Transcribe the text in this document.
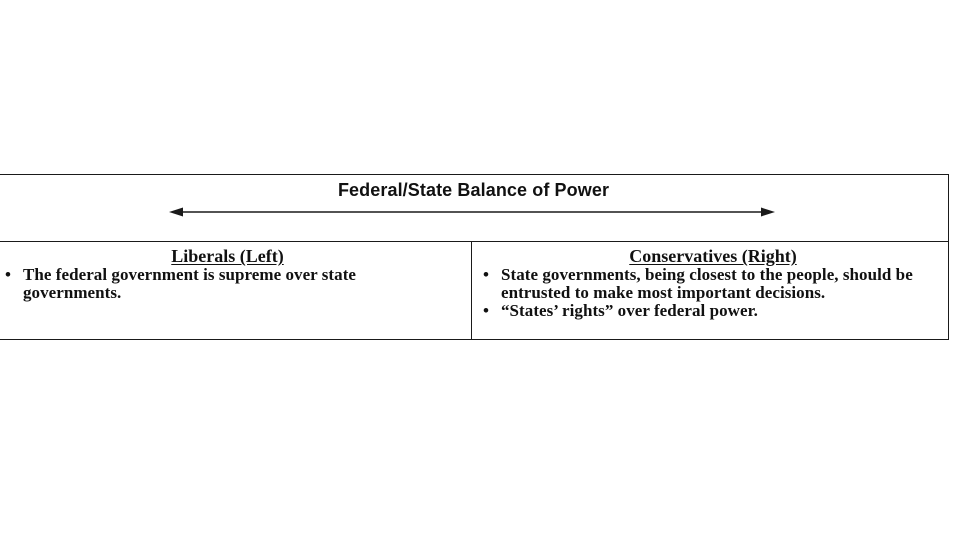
Federal/State Balance of Power
Liberals (Left)
• The federal government is supreme over state governments.
Conservatives (Right)
• State governments, being closest to the people, should be entrusted to make most important decisions.
• “States’ rights” over federal power.
